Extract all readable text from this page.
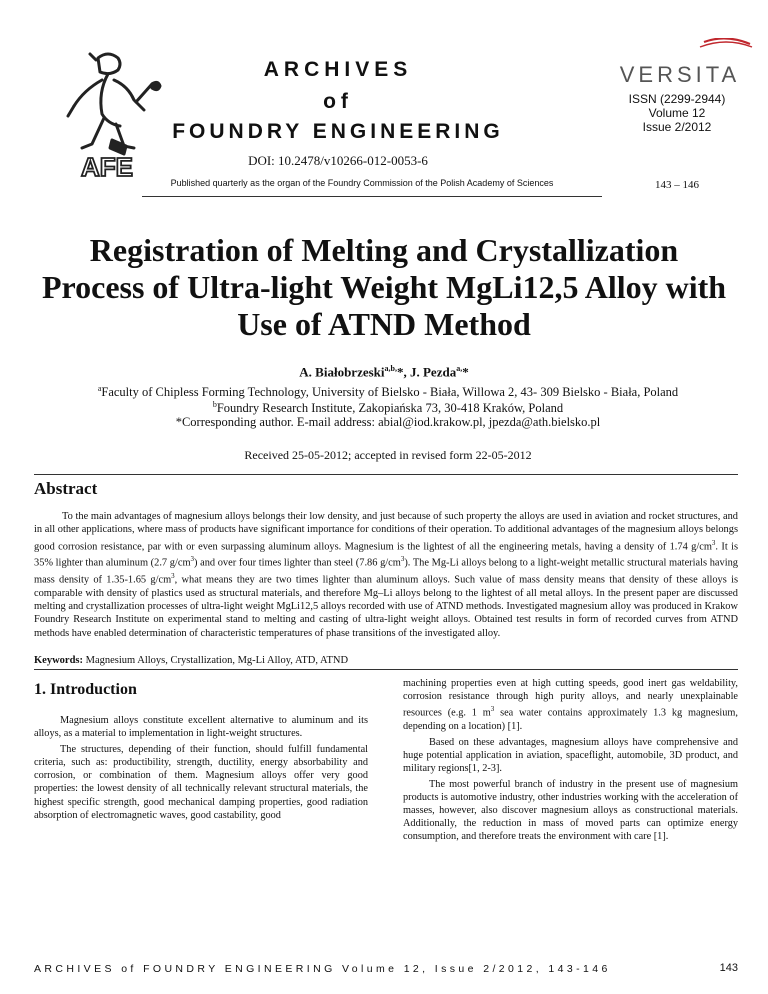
AFE
ARCHIVES
of
FOUNDRY ENGINEERING
DOI: 10.2478/v10266-012-0053-6
Published quarterly as the organ of the Foundry Commission of the Polish Academy of Sciences
VERSITA
ISSN (2299-2944)
Volume 12
Issue 2/2012
143 – 146
Registration of Melting and Crystallization Process of Ultra-light Weight MgLi12,5 Alloy with Use of ATND Method
A. Białobrzeski$^{a,b,}$*, J. Pezda$^{a,}$*
$^a$Faculty of Chipless Forming Technology, University of Bielsko - Biała, Willowa 2, 43- 309 Bielsko - Biała, Poland
$^b$Foundry Research Institute, Zakopiańska 73, 30-418 Kraków, Poland
*Corresponding author. E-mail address: abial@iod.krakow.pl, jpezda@ath.bielsko.pl
Received 25-05-2012; accepted in revised form 22-05-2012
Abstract
To the main advantages of magnesium alloys belongs their low density, and just because of such property the alloys are used in aviation and rocket structures, and in all other applications, where mass of products have significant importance for conditions of their operation. To additional advantages of the magnesium alloys belongs good corrosion resistance, par with or even surpassing aluminum alloys. Magnesium is the lightest of all the engineering metals, having a density of 1.74 $g/cm^3$. It is 35% lighter than aluminum (2.7 $g/cm^3$) and over four times lighter than steel (7.86 $g/cm^3$). The Mg-Li alloys belong to a light-weight metallic structural materials having mass density of 1.35-1.65 $g/cm^3$, what means they are two times lighter than aluminum alloys. Such value of mass density means that density of these alloys is comparable with density of plastics used as structural materials, and therefore Mg–Li alloys belong to the lightest of all metal alloys. In the present paper are discussed melting and crystallization processes of ultra-light weight MgLi12,5 alloys recorded with use of ATND methods. Investigated magnesium alloy was produced in Krakow Foundry Research Institute on experimental stand to melting and casting of ultra-light weight alloys. Obtained test results in form of recorded curves from ATND methods have enabled determination of characteristic temperatures of phase transitions of the investigated alloy.
Keywords: Magnesium Alloys, Crystallization, Mg-Li Alloy, ATD, ATND
1. Introduction

Magnesium alloys constitute excellent alternative to aluminum and its alloys, as a material to implementation in light-weight structures.

The structures, depending of their function, should fulfill fundamental criteria, such as: productibility, strength, ductility, energy absorbability and corrosion, or combination of them. Magnesium alloys offer very good properties: the lowest density of all technically relevant structural materials, the highest specific strength, good mechanical damping properties, good radiation absorption of electromagnetic waves, good castability, good

machining properties even at high cutting speeds, good inert gas weldability, corrosion resistance through high purity alloys, and nearly unexplainable resources (e.g. 1 $m^3$ sea water contains approximately 1.3 kg magnesium, depending on a location) [1].

Based on these advantages, magnesium alloys have comprehensive and huge potential application in aviation, spaceflight, automobile, 3D product, and military regions[1, 2-3].

The most powerful branch of industry in the present use of magnesium products is automotive industry, other industries working with the acceleration of masses, however, also discover magnesium alloys as constructional materials. Additionally, the reduction in mass of moved parts can optimize energy consumption, and therefore treats the environment with care [1].

ARCHIVES of FOUNDRY ENGINEERING Volume 12, Issue 2/2012, 143-146	143
